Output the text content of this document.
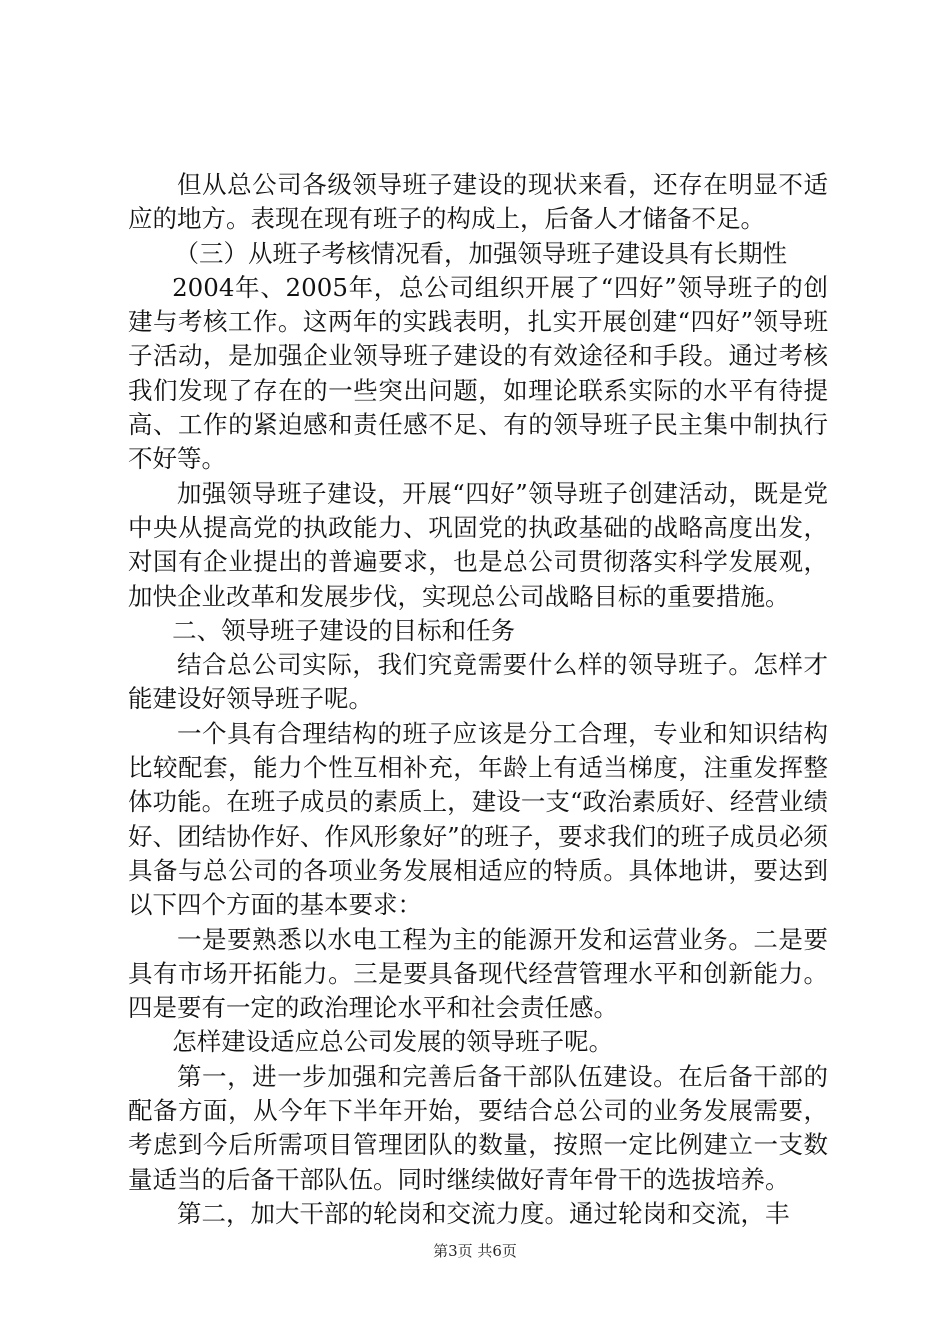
但从总公司各级领导班子建设的现状来看，还存在明显不适应的地方。表现在现有班子的构成上，后备人才储备不足。

（三）从班子考核情况看，加强领导班子建设具有长期性

2004年、2005年，总公司组织开展了“四好”领导班子的创建与考核工作。这两年的实践表明，扎实开展创建“四好”领导班子活动，是加强企业领导班子建设的有效途径和手段。通过考核我们发现了存在的一些突出问题，如理论联系实际的水平有待提高、工作的紧迫感和责任感不足、有的领导班子民主集中制执行不好等。

加强领导班子建设，开展“四好”领导班子创建活动，既是党中央从提高党的执政能力、巩固党的执政基础的战略高度出发，对国有企业提出的普遍要求，也是总公司贯彻落实科学发展观，加快企业改革和发展步伐，实现总公司战略目标的重要措施。

二、领导班子建设的目标和任务

结合总公司实际，我们究竟需要什么样的领导班子。怎样才能建设好领导班子呢。

一个具有合理结构的班子应该是分工合理，专业和知识结构比较配套，能力个性互相补充，年龄上有适当梯度，注重发挥整体功能。在班子成员的素质上，建设一支“政治素质好、经营业绩好、团结协作好、作风形象好”的班子，要求我们的班子成员必须具备与总公司的各项业务发展相适应的特质。具体地讲，要达到以下四个方面的基本要求：

一是要熟悉以水电工程为主的能源开发和运营业务。二是要具有市场开拓能力。三是要具备现代经营管理水平和创新能力。四是要有一定的政治理论水平和社会责任感。

怎样建设适应总公司发展的领导班子呢。

第一，进一步加强和完善后备干部队伍建设。在后备干部的配备方面，从今年下半年开始，要结合总公司的业务发展需要，考虑到今后所需项目管理团队的数量，按照一定比例建立一支数量适当的后备干部队伍。同时继续做好青年骨干的选拔培养。

第二，加大干部的轮岗和交流力度。通过轮岗和交流，丰

第3页 共6页
